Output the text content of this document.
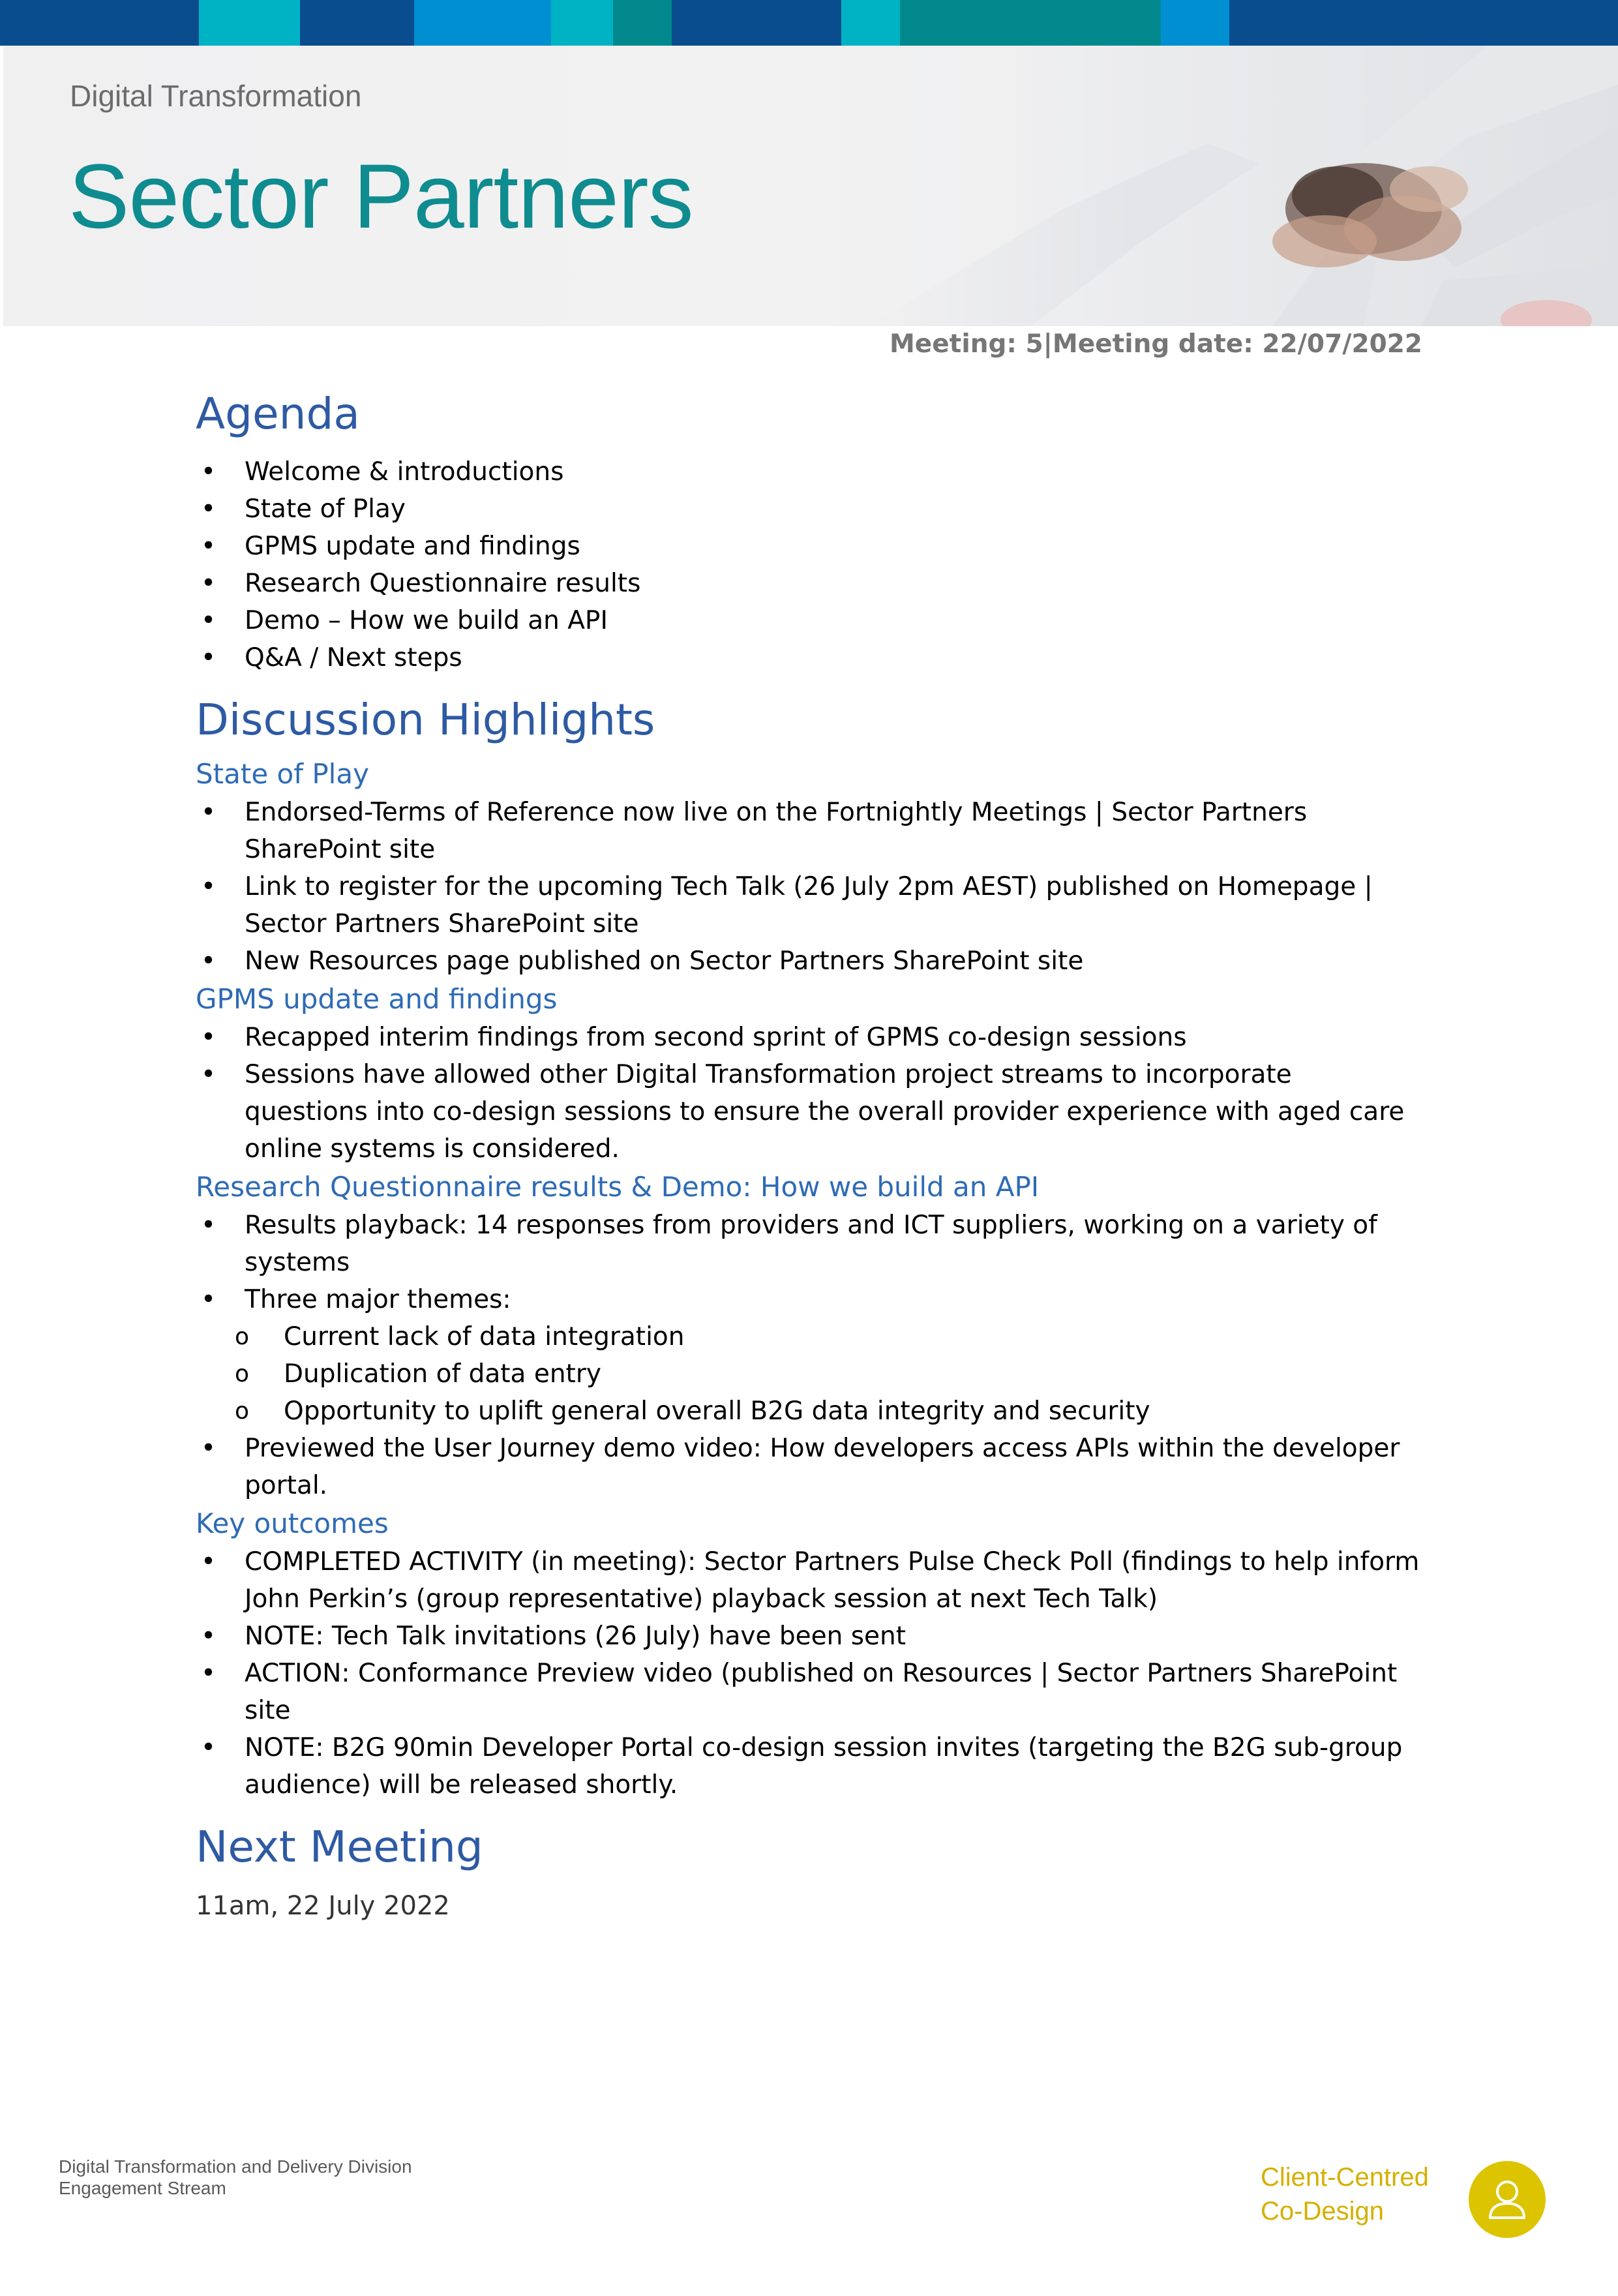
Digital Transformation
Sector Partners
Meeting: 5|Meeting date: 22/07/2022
Agenda
• Welcome & introductions
• State of Play
• GPMS update and findings
• Research Questionnaire results
• Demo – How we build an API
• Q&A / Next steps
Discussion Highlights
State of Play
• Endorsed-Terms of Reference now live on the Fortnightly Meetings | Sector Partners SharePoint site
• Link to register for the upcoming Tech Talk (26 July 2pm AEST) published on Homepage | Sector Partners SharePoint site
• New Resources page published on Sector Partners SharePoint site
GPMS update and findings
• Recapped interim findings from second sprint of GPMS co-design sessions
• Sessions have allowed other Digital Transformation project streams to incorporate questions into co-design sessions to ensure the overall provider experience with aged care online systems is considered.
Research Questionnaire results & Demo: How we build an API
• Results playback: 14 responses from providers and ICT suppliers, working on a variety of systems
• Three major themes:
o Current lack of data integration
o Duplication of data entry
o Opportunity to uplift general overall B2G data integrity and security
• Previewed the User Journey demo video: How developers access APIs within the developer portal.
Key outcomes
• COMPLETED ACTIVITY (in meeting): Sector Partners Pulse Check Poll (findings to help inform John Perkin’s (group representative) playback session at next Tech Talk)
• NOTE: Tech Talk invitations (26 July) have been sent
• ACTION: Conformance Preview video (published on Resources | Sector Partners SharePoint site
• NOTE: B2G 90min Developer Portal co-design session invites (targeting the B2G sub-group audience) will be released shortly.
Next Meeting
11am, 22 July 2022
Digital Transformation and Delivery Division
Engagement Stream	Client-Centred
Co-Design
